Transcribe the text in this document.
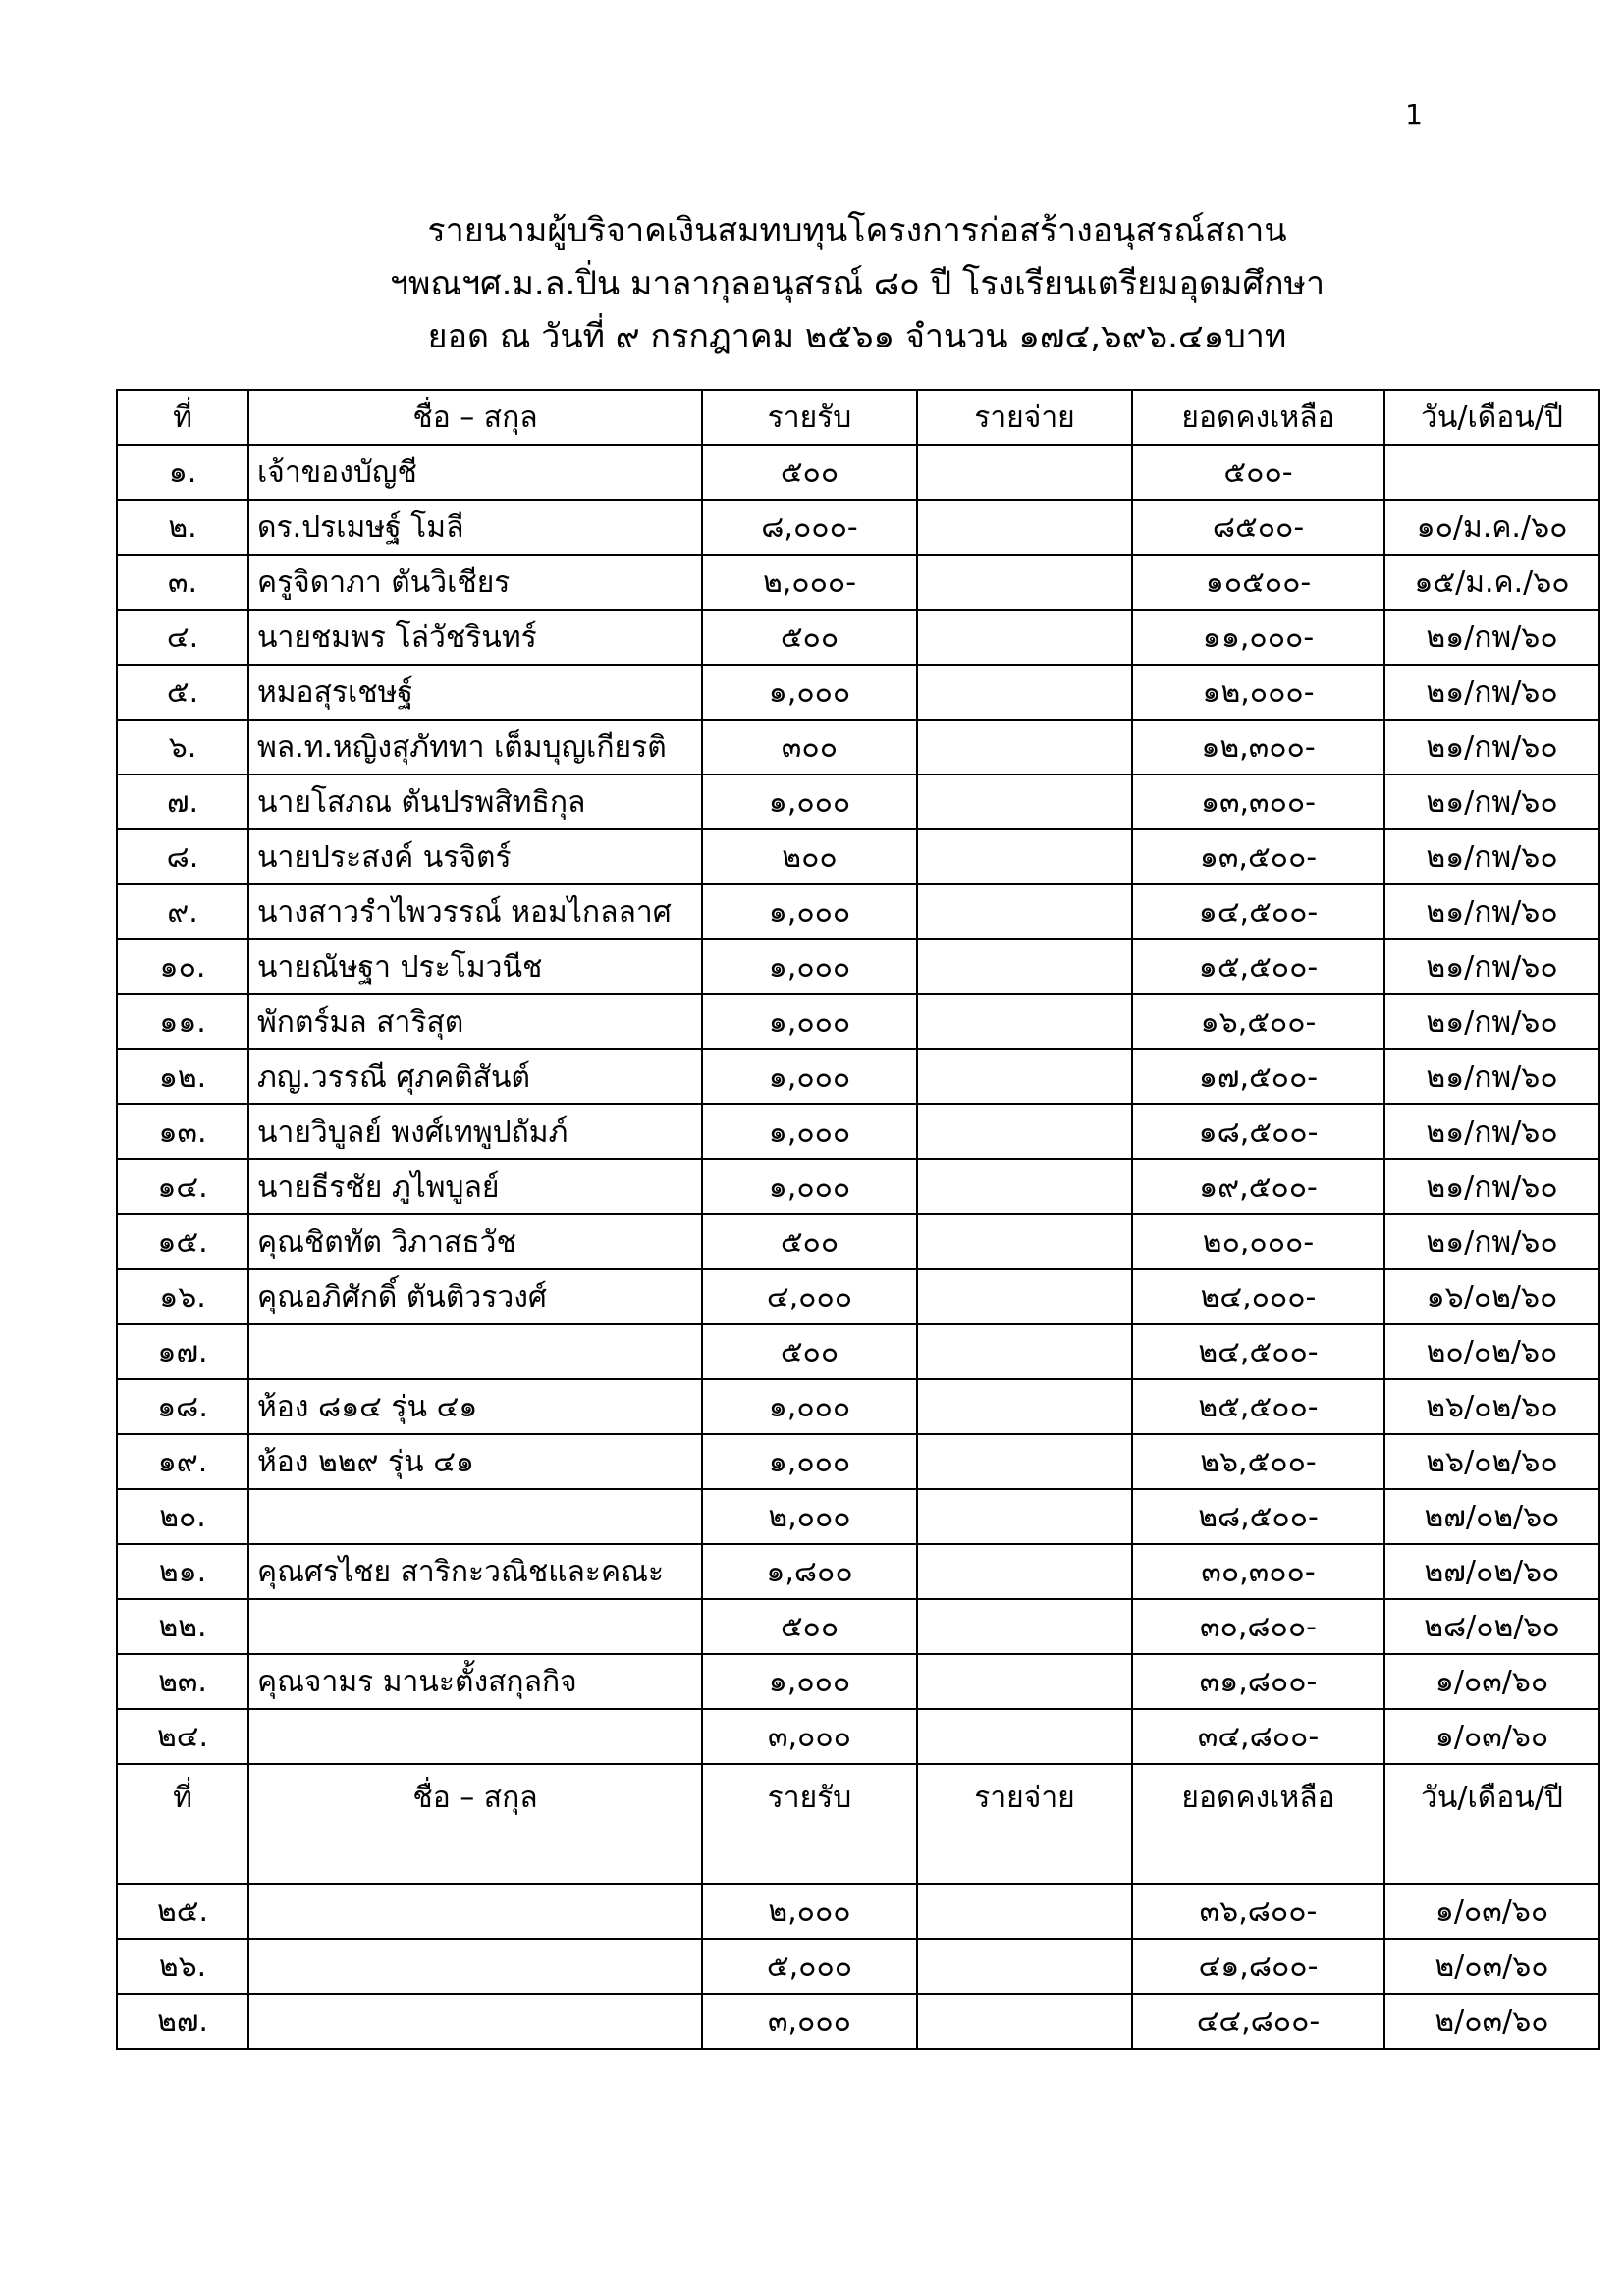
1
รายนามผู้บริจาคเงินสมทบทุนโครงการก่อสร้างอนุสรณ์สถาน
ฯพณฯศ.ม.ล.ปิ่น มาลากุลอนุสรณ์ ๘๐ ปี โรงเรียนเตรียมอุดมศึกษา
ยอด ณ วันที่ ๙ กรกฎาคม ๒๕๖๑ จำนวน ๑๗๔,๖๙๖.๔๑บาท
ที่	ชื่อ – สกุล	รายรับ	รายจ่าย	ยอดคงเหลือ	วัน/เดือน/ปี
๑.	เจ้าของบัญชี	๕๐๐		๕๐๐-	
๒.	ดร.ปรเมษฐ์ โมลี	๘,๐๐๐-		๘๕๐๐-	๑๐/ม.ค./๖๐
๓.	ครูจิดาภา ตันวิเชียร	๒,๐๐๐-		๑๐๕๐๐-	๑๕/ม.ค./๖๐
๔.	นายชมพร โล่วัชรินทร์	๕๐๐		๑๑,๐๐๐-	๒๑/กพ/๖๐
๕.	หมอสุรเชษฐ์	๑,๐๐๐		๑๒,๐๐๐-	๒๑/กพ/๖๐
๖.	พล.ท.หญิงสุภัททา เต็มบุญเกียรติ	๓๐๐		๑๒,๓๐๐-	๒๑/กพ/๖๐
๗.	นายโสภณ ตันปรพสิทธิกุล	๑,๐๐๐		๑๓,๓๐๐-	๒๑/กพ/๖๐
๘.	นายประสงค์ นรจิตร์	๒๐๐		๑๓,๕๐๐-	๒๑/กพ/๖๐
๙.	นางสาวรำไพวรรณ์ หอมไกลลาศ	๑,๐๐๐		๑๔,๕๐๐-	๒๑/กพ/๖๐
๑๐.	นายณัษฐา ประโมวนีช	๑,๐๐๐		๑๕,๕๐๐-	๒๑/กพ/๖๐
๑๑.	พักตร์มล สาริสุต	๑,๐๐๐		๑๖,๕๐๐-	๒๑/กพ/๖๐
๑๒.	ภญ.วรรณี ศุภคติสันต์	๑,๐๐๐		๑๗,๕๐๐-	๒๑/กพ/๖๐
๑๓.	นายวิบูลย์ พงศ์เทพูปถัมภ์	๑,๐๐๐		๑๘,๕๐๐-	๒๑/กพ/๖๐
๑๔.	นายธีรชัย ภูไพบูลย์	๑,๐๐๐		๑๙,๕๐๐-	๒๑/กพ/๖๐
๑๕.	คุณชิตทัต วิภาสธวัช	๕๐๐		๒๐,๐๐๐-	๒๑/กพ/๖๐
๑๖.	คุณอภิศักดิ์ ตันติวรวงศ์	๔,๐๐๐		๒๔,๐๐๐-	๑๖/๐๒/๖๐
๑๗.		๕๐๐		๒๔,๕๐๐-	๒๐/๐๒/๖๐
๑๘.	ห้อง ๘๑๔ รุ่น ๔๑	๑,๐๐๐		๒๕,๕๐๐-	๒๖/๐๒/๖๐
๑๙.	ห้อง ๒๒๙ รุ่น ๔๑	๑,๐๐๐		๒๖,๕๐๐-	๒๖/๐๒/๖๐
๒๐.		๒,๐๐๐		๒๘,๕๐๐-	๒๗/๐๒/๖๐
๒๑.	คุณศรไชย สาริกะวณิชและคณะ	๑,๘๐๐		๓๐,๓๐๐-	๒๗/๐๒/๖๐
๒๒.		๕๐๐		๓๐,๘๐๐-	๒๘/๐๒/๖๐
๒๓.	คุณจามร มานะตั้งสกุลกิจ	๑,๐๐๐		๓๑,๘๐๐-	๑/๐๓/๖๐
๒๔.		๓,๐๐๐		๓๔,๘๐๐-	๑/๐๓/๖๐
ที่	ชื่อ – สกุล	รายรับ	รายจ่าย	ยอดคงเหลือ	วัน/เดือน/ปี
๒๕.		๒,๐๐๐		๓๖,๘๐๐-	๑/๐๓/๖๐
๒๖.		๕,๐๐๐		๔๑,๘๐๐-	๒/๐๓/๖๐
๒๗.		๓,๐๐๐		๔๔,๘๐๐-	๒/๐๓/๖๐
